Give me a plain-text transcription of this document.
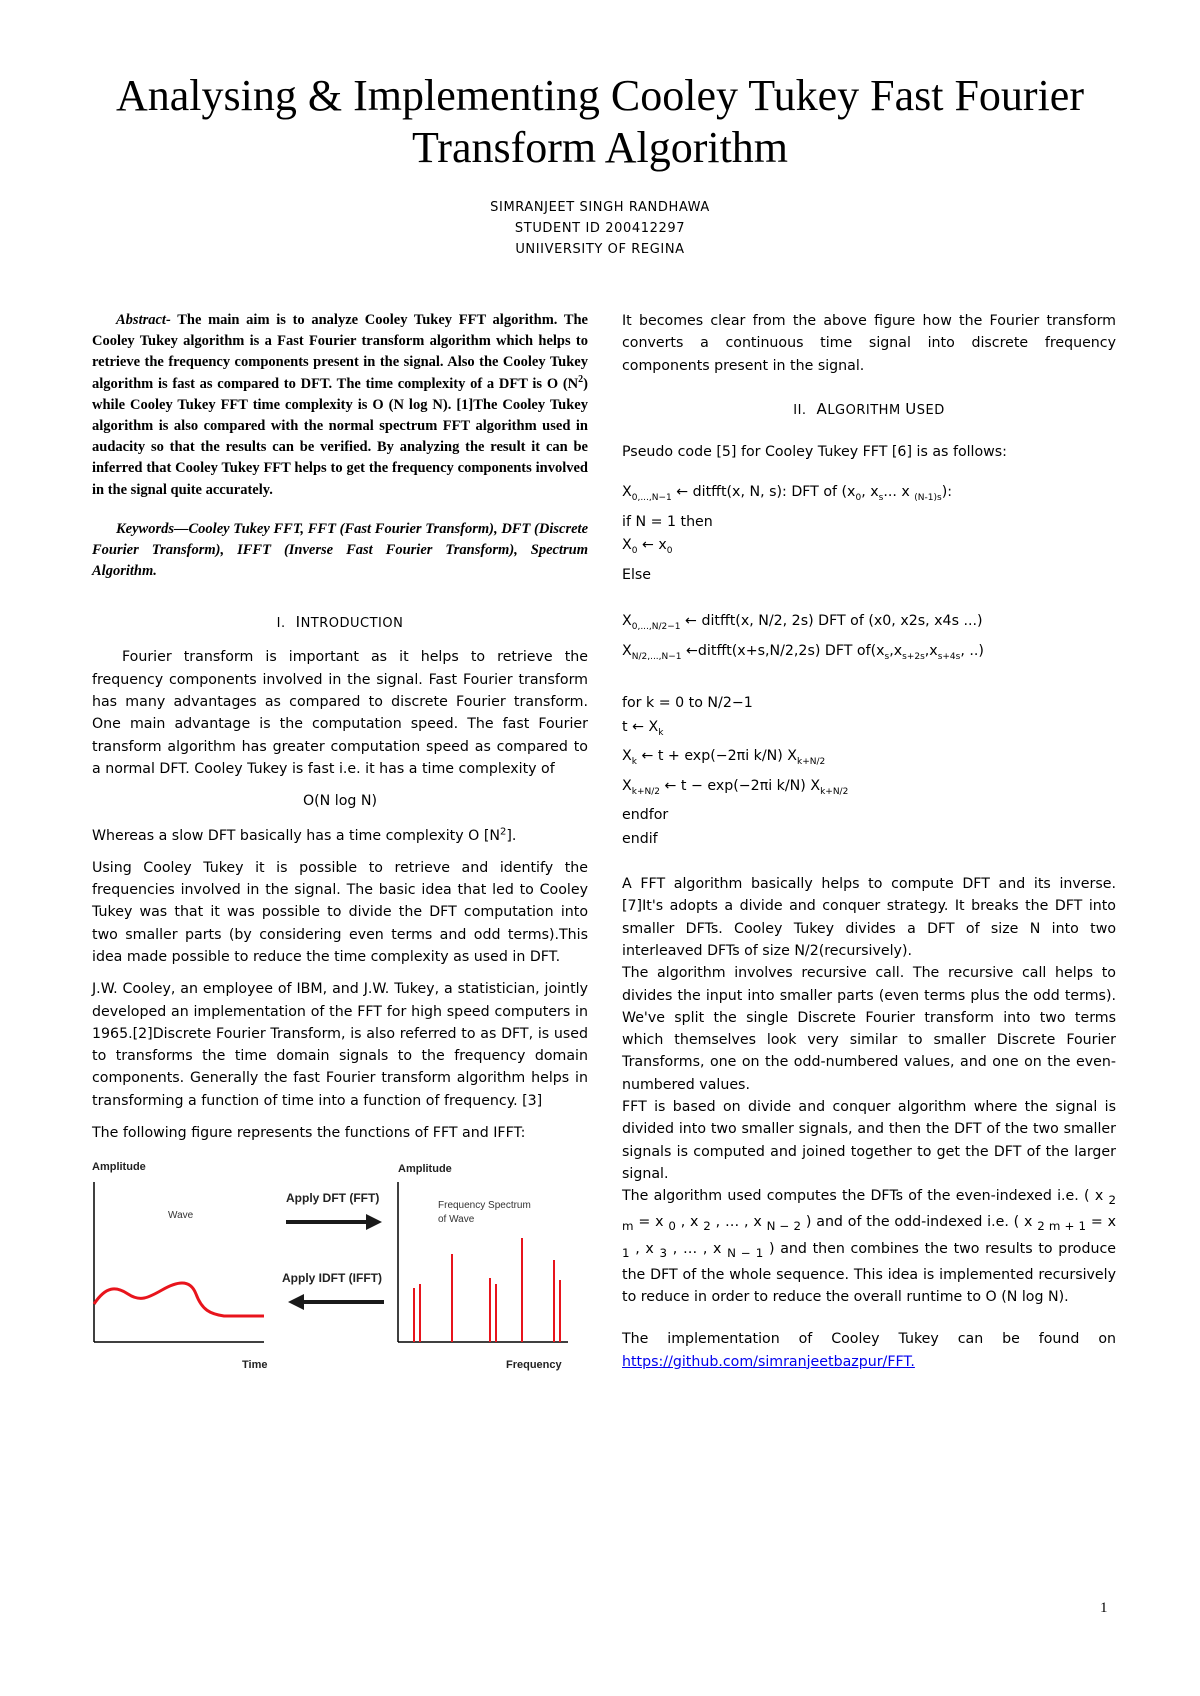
Analysing & Implementing Cooley Tukey Fast Fourier Transform Algorithm
SIMRANJEET SINGH RANDHAWA
STUDENT ID 200412297
UNIIVERSITY OF REGINA

Abstract- The main aim is to analyze Cooley Tukey FFT algorithm. The Cooley Tukey algorithm is a Fast Fourier transform algorithm which helps to retrieve the frequency components present in the signal. Also the Cooley Tukey algorithm is fast as compared to DFT. The time complexity of a DFT is O $(N^2)$ while Cooley Tukey FFT time complexity is O (N log N). [1]The Cooley Tukey algorithm is also compared with the normal spectrum FFT algorithm used in audacity so that the results can be verified. By analyzing the result it can be inferred that Cooley Tukey FFT helps to get the frequency components involved in the signal quite accurately.

Keywords—Cooley Tukey FFT, FFT (Fast Fourier Transform), DFT (Discrete Fourier Transform), IFFT (Inverse Fast Fourier Transform), Spectrum Algorithm.

I. INTRODUCTION

Fourier transform is important as it helps to retrieve the frequency components involved in the signal. Fast Fourier transform has many advantages as compared to discrete Fourier transform. One main advantage is the computation speed. The fast Fourier transform algorithm has greater computation speed as compared to a normal DFT. Cooley Tukey is fast i.e. it has a time complexity of

O(N log N)

Whereas a slow DFT basically has a time complexity O $[N^2]$.

Using Cooley Tukey it is possible to retrieve and identify the frequencies involved in the signal. The basic idea that led to Cooley Tukey was that it was possible to divide the DFT computation into two smaller parts (by considering even terms and odd terms).This idea made possible to reduce the time complexity as used in DFT.

J.W. Cooley, an employee of IBM, and J.W. Tukey, a statistician, jointly developed an implementation of the FFT for high speed computers in 1965.[2]Discrete Fourier Transform, is also referred to as DFT, is used to transforms the time domain signals to the frequency domain components. Generally the fast Fourier transform algorithm helps in transforming a function of time into a function of frequency. [3]

The following figure represents the functions of FFT and IFFT:

Amplitude
Wave
Time
Apply DFT (FFT)
Apply IDFT (IFFT)
Amplitude
Frequency Spectrum
of Wave
Frequency

It becomes clear from the above figure how the Fourier transform converts a continuous time signal into discrete frequency components present in the signal.

II. ALGORITHM USED

Pseudo code [5] for Cooley Tukey FFT [6] is as follows:

$X_{0,...,N-1}$ ← ditfft(x, N, s): DFT of ($x_0$, $x_s$... x $_{(N-1)s}$):

if N = 1 then

$X_0$ ← $x_0$

Else

$X_{0,...,N/2-1}$ ← ditfft(x, N/2, 2s) DFT of (x0, x2s, x4s ...)

$X_{N/2,...,N-1}$ ←ditfft(x+s,N/2,2s) DFT $of(x_s,x_{s+2s},x_{s+4s}$, ..)

for k = 0 to N/2−1

t ← $X_k$

$X_k$ ← t + exp(−2πi k/N) $X_{k+N/2}$

$X_{k+N/2}$ ← t − exp(−2πi k/N) $X_{k+N/2}$

endfor

endif

A FFT algorithm basically helps to compute DFT and its inverse. [7]It's adopts a divide and conquer strategy. It breaks the DFT into smaller DFTs. Cooley Tukey divides a DFT of size N into two interleaved DFTs of size N/2(recursively).

The algorithm involves recursive call. The recursive call helps to divides the input into smaller parts (even terms plus the odd terms). We've split the single Discrete Fourier transform into two terms which themselves look very similar to smaller Discrete Fourier Transforms, one on the odd-numbered values, and one on the even-numbered values.

FFT is based on divide and conquer algorithm where the signal is divided into two smaller signals, and then the DFT of the two smaller signals is computed and joined together to get the DFT of the larger signal.

The algorithm used computes the DFTs of the even-indexed i.e. ( x $_{2 m}$ = x $_0$ , x $_2$ , … , x $_{N - 2}$ ) and of the odd-indexed i.e. ( x $_{2 m + 1}$ = x $_1$ , x $_3$ , … , x $_{N - 1}$ ) and then combines the two results to produce the DFT of the whole sequence. This idea is implemented recursively to reduce in order to reduce the overall runtime to O (N log N).

The implementation of Cooley Tukey can be found on https://github.com/simranjeetbazpur/FFT.

1
